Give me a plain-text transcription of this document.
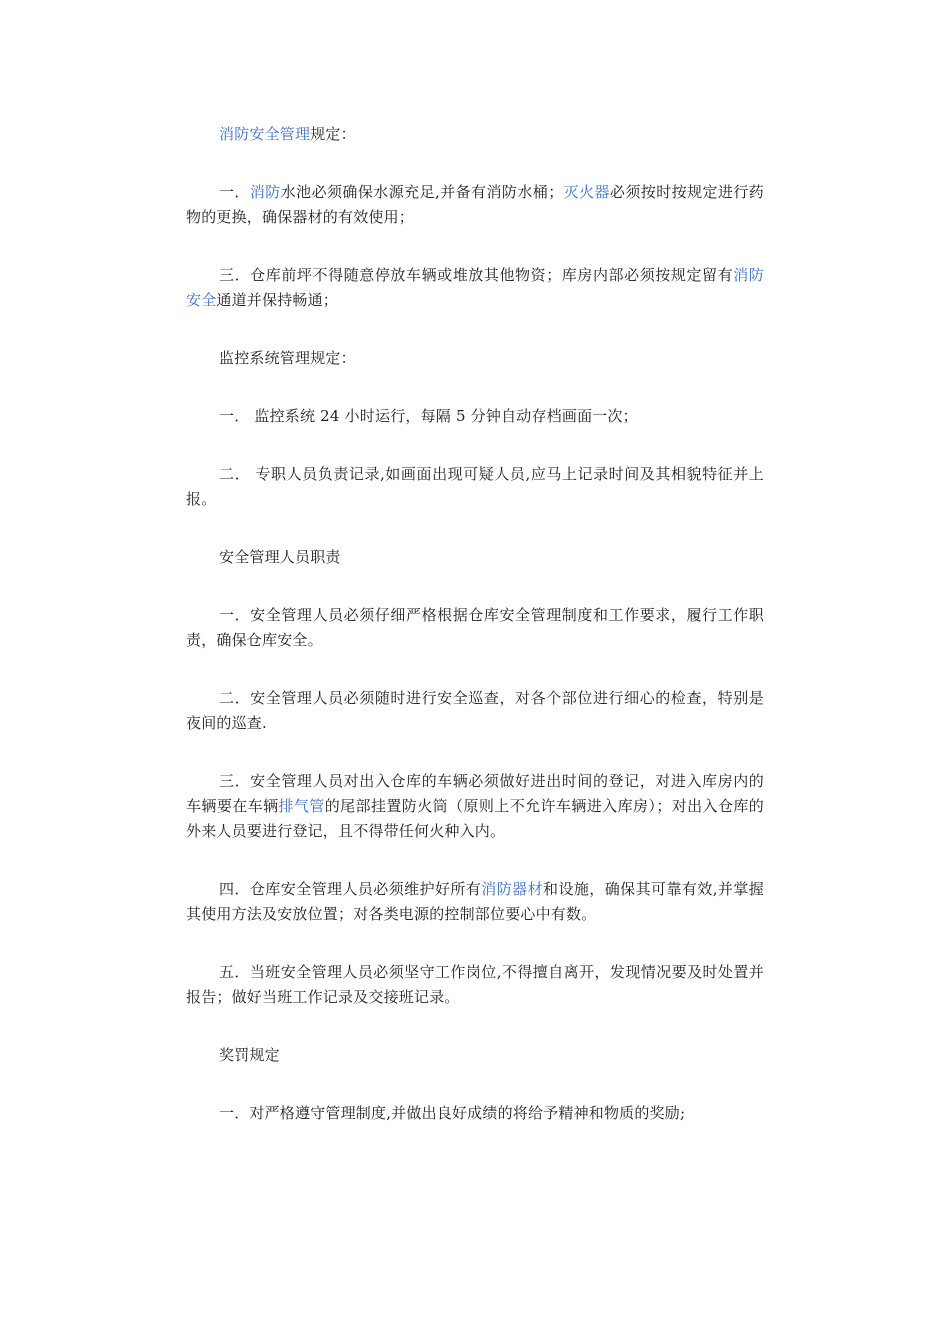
消防安全管理规定：

一．消防水池必须确保水源充足,并备有消防水桶；灭火器必须按时按规定进行药物的更换，确保器材的有效使用；

三．仓库前坪不得随意停放车辆或堆放其他物资；库房内部必须按规定留有消防安全通道并保持畅通；

监控系统管理规定：

一． 监控系统 24 小时运行，每隔 5 分钟自动存档画面一次；

二． 专职人员负责记录,如画面出现可疑人员,应马上记录时间及其相貌特征并上报。

安全管理人员职责

一．安全管理人员必须仔细严格根据仓库安全管理制度和工作要求，履行工作职责，确保仓库安全。

二．安全管理人员必须随时进行安全巡查，对各个部位进行细心的检查，特别是夜间的巡查.

三．安全管理人员对出入仓库的车辆必须做好进出时间的登记，对进入库房内的车辆要在车辆排气管的尾部挂置防火筒（原则上不允许车辆进入库房）；对出入仓库的外来人员要进行登记，且不得带任何火种入内。

四．仓库安全管理人员必须维护好所有消防器材和设施，确保其可靠有效,并掌握其使用方法及安放位置；对各类电源的控制部位要心中有数。

五．当班安全管理人员必须坚守工作岗位,不得擅自离开，发现情况要及时处置并报告；做好当班工作记录及交接班记录。

奖罚规定

一．对严格遵守管理制度,并做出良好成绩的将给予精神和物质的奖励;
